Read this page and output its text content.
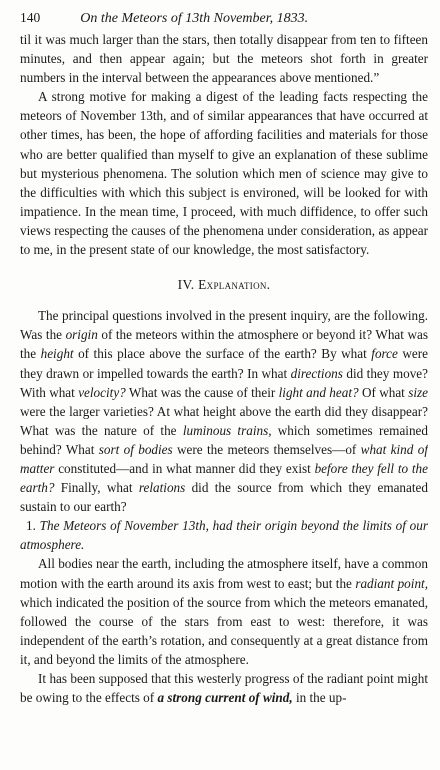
140	On the Meteors of 13th November, 1833.

til it was much larger than the stars, then totally disappear from ten to fifteen minutes, and then appear again; but the meteors shot forth in greater numbers in the interval between the appearances above mentioned.”

A strong motive for making a digest of the leading facts respecting the meteors of November 13th, and of similar appearances that have occurred at other times, has been, the hope of affording facilities and materials for those who are better qualified than myself to give an explanation of these sublime but mysterious phenomena. The solution which men of science may give to the difficulties with which this subject is environed, will be looked for with impatience. In the mean time, I proceed, with much diffidence, to offer such views respecting the causes of the phenomena under consideration, as appear to me, in the present state of our knowledge, the most satisfactory.

IV. Explanation.

The principal questions involved in the present inquiry, are the following. Was the origin of the meteors within the atmosphere or beyond it? What was the height of this place above the surface of the earth? By what force were they drawn or impelled towards the earth? In what directions did they move? With what velocity? What was the cause of their light and heat? Of what size were the larger varieties? At what height above the earth did they disappear? What was the nature of the luminous trains, which sometimes remained behind? What sort of bodies were the meteors themselves—of what kind of matter constituted—and in what manner did they exist before they fell to the earth? Finally, what relations did the source from which they emanated sustain to our earth?

1. The Meteors of November 13th, had their origin beyond the limits of our atmosphere.

All bodies near the earth, including the atmosphere itself, have a common motion with the earth around its axis from west to east; but the radiant point, which indicated the position of the source from which the meteors emanated, followed the course of the stars from east to west: therefore, it was independent of the earth’s rotation, and consequently at a great distance from it, and beyond the limits of the atmosphere.

It has been supposed that this westerly progress of the radiant point might be owing to the effects of a strong current of wind, in the up-
